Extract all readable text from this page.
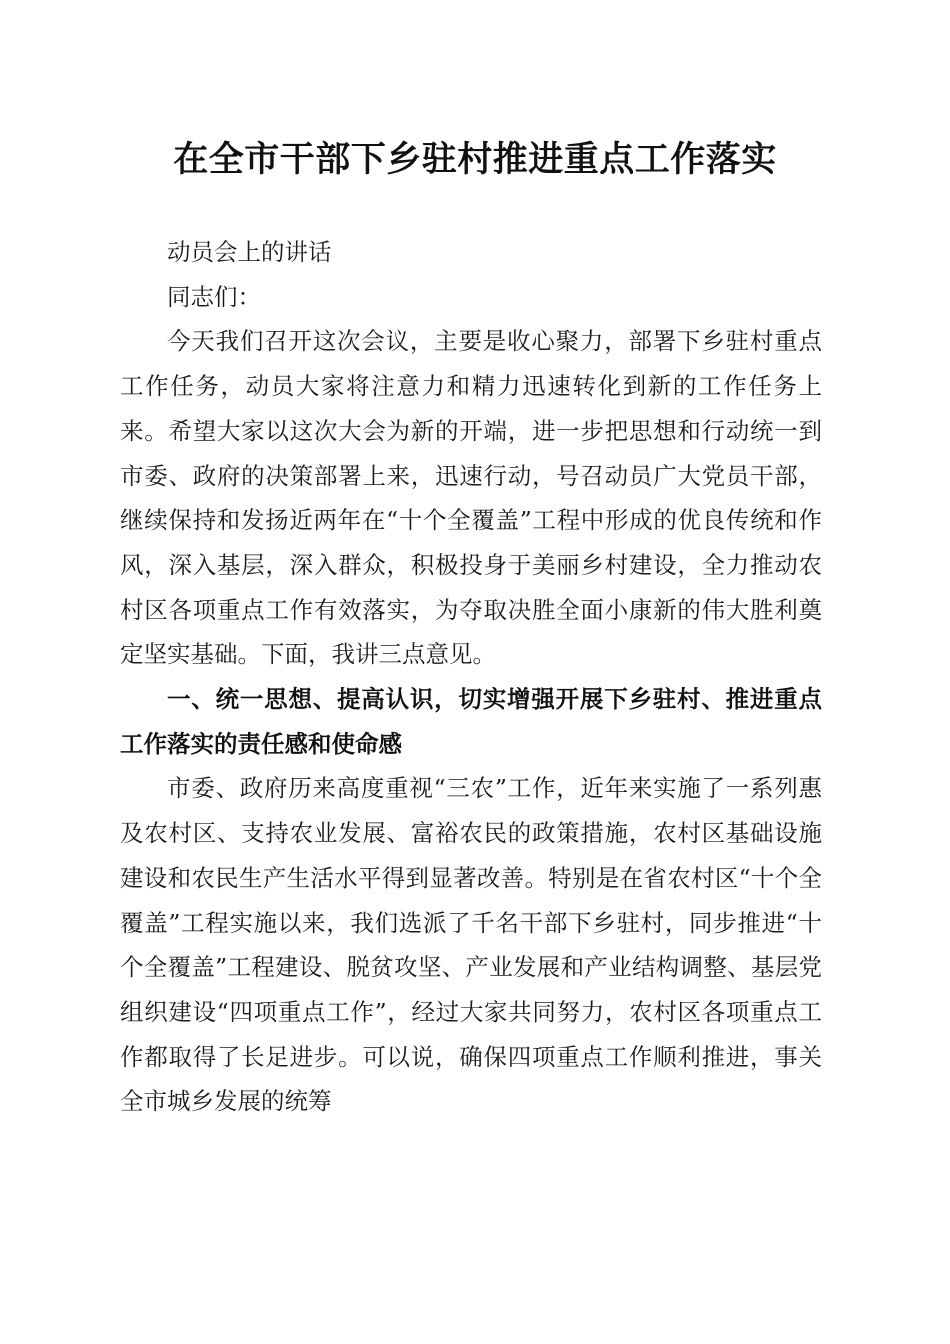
在全市干部下乡驻村推进重点工作落实

动员会上的讲话

同志们：

今天我们召开这次会议，主要是收心聚力，部署下乡驻村重点工作任务，动员大家将注意力和精力迅速转化到新的工作任务上来。希望大家以这次大会为新的开端，进一步把思想和行动统一到市委、政府的决策部署上来，迅速行动，号召动员广大党员干部，继续保持和发扬近两年在“十个全覆盖”工程中形成的优良传统和作风，深入基层，深入群众，积极投身于美丽乡村建设，全力推动农村区各项重点工作有效落实，为夺取决胜全面小康新的伟大胜利奠定坚实基础。下面，我讲三点意见。

一、统一思想、提高认识，切实增强开展下乡驻村、推进重点工作落实的责任感和使命感

市委、政府历来高度重视“三农”工作，近年来实施了一系列惠及农村区、支持农业发展、富裕农民的政策措施，农村区基础设施建设和农民生产生活水平得到显著改善。特别是在省农村区“十个全覆盖”工程实施以来，我们选派了千名干部下乡驻村，同步推进“十个全覆盖”工程建设、脱贫攻坚、产业发展和产业结构调整、基层党组织建设“四项重点工作”，经过大家共同努力，农村区各项重点工作都取得了长足进步。可以说，确保四项重点工作顺利推进，事关全市城乡发展的统筹
